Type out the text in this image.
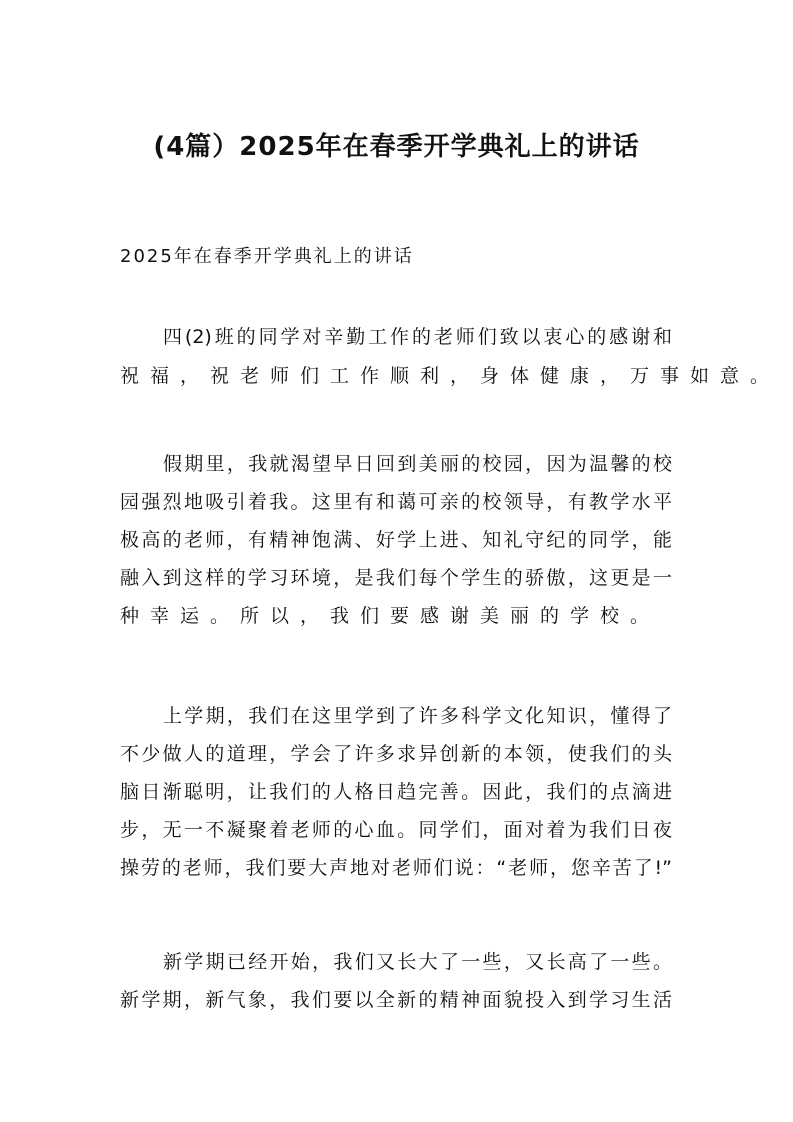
(4篇）2025年在春季开学典礼上的讲话
2025年在春季开学典礼上的讲话
四(2)班的同学对辛勤工作的老师们致以衷心的感谢和
祝福，祝老师们工作顺利，身体健康，万事如意。
假期里，我就渴望早日回到美丽的校园，因为温馨的校
园强烈地吸引着我。这里有和蔼可亲的校领导，有教学水平
极高的老师，有精神饱满、好学上进、知礼守纪的同学，能
融入到这样的学习环境，是我们每个学生的骄傲，这更是一
种幸运。所以，我们要感谢美丽的学校。
上学期，我们在这里学到了许多科学文化知识，懂得了
不少做人的道理，学会了许多求异创新的本领，使我们的头
脑日渐聪明，让我们的人格日趋完善。因此，我们的点滴进
步，无一不凝聚着老师的心血。同学们，面对着为我们日夜
操劳的老师，我们要大声地对老师们说：“老师，您辛苦了!”
新学期已经开始，我们又长大了一些，又长高了一些。
新学期，新气象，我们要以全新的精神面貌投入到学习生活
